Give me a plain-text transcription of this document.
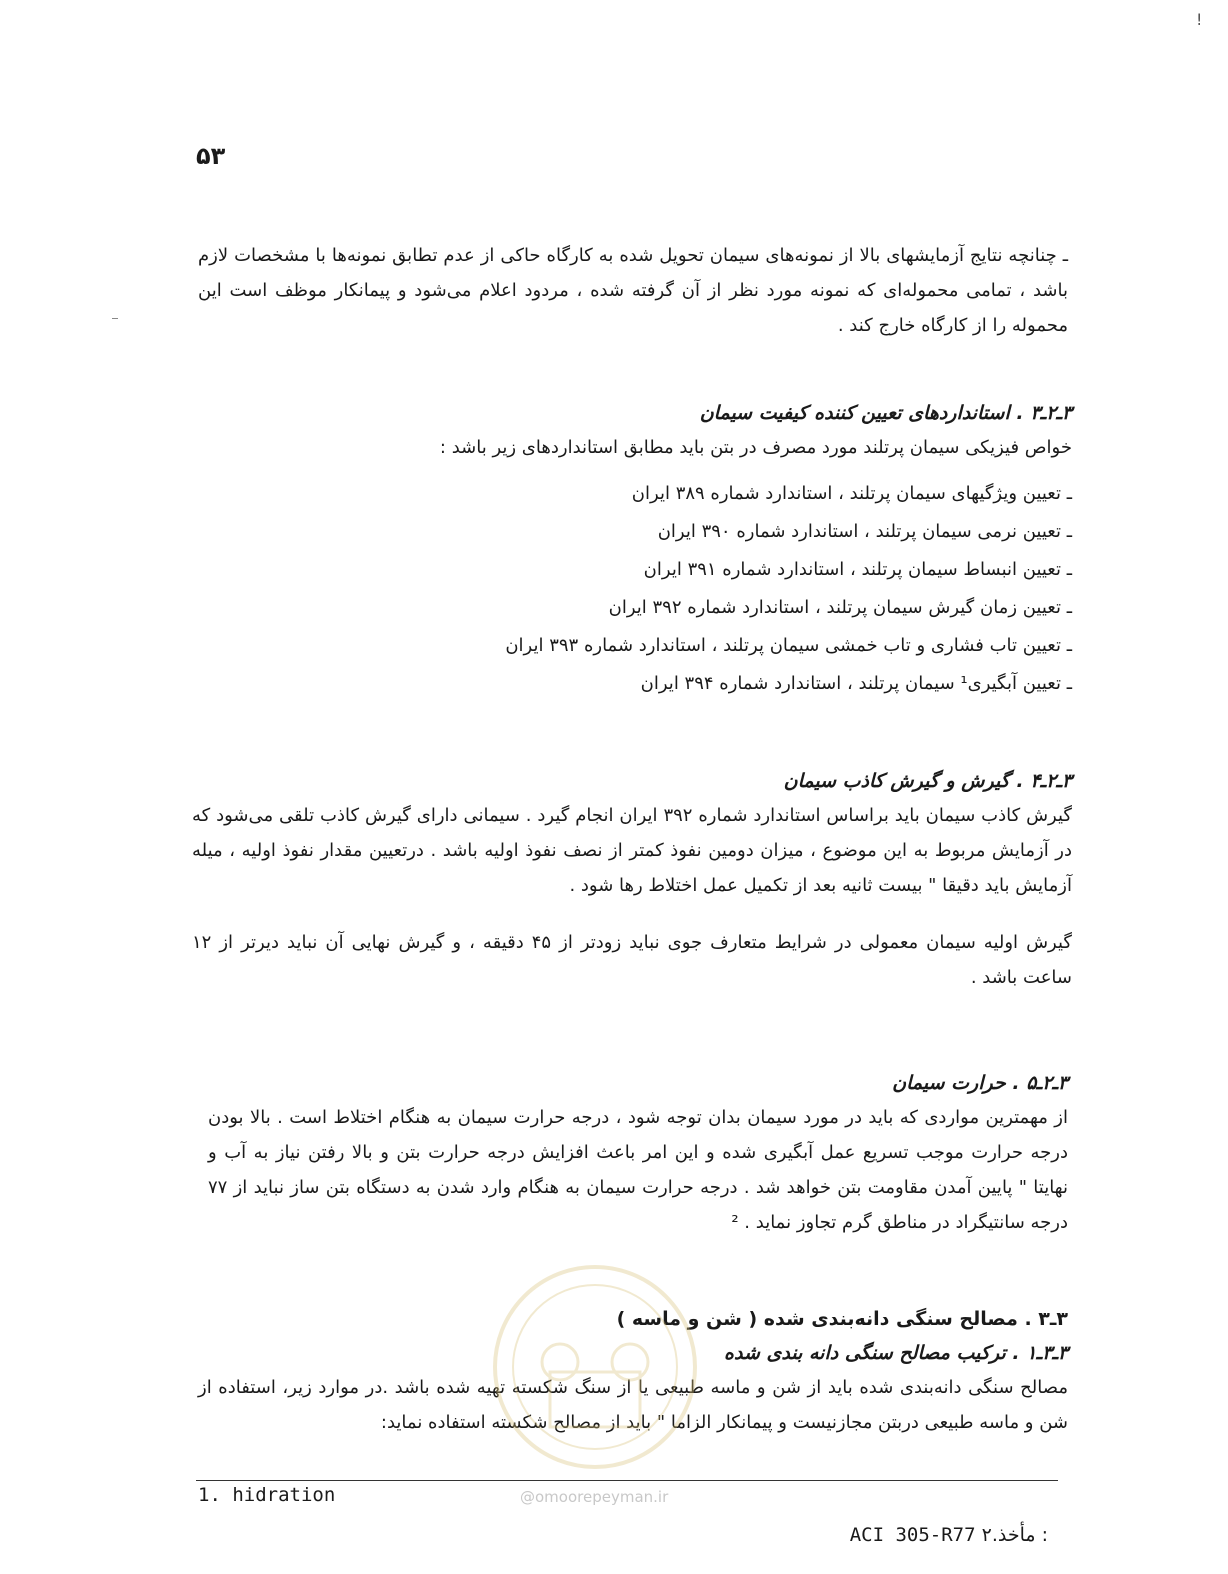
!
۵۳

ـ چنانچه نتایج آزمایشهای بالا از نمونه‌های سیمان تحویل شده به کارگاه حاکی از عدم تطابق نمونه‌ها با مشخصات لازم باشد ، تمامی محموله‌ای که نمونه مورد نظر از آن گرفته شده ، مردود اعلام می‌شود و پیمانکار موظف است این محموله را از کارگاه خارج کند .

۳ـ۲ـ۳ . استانداردهای تعیین کننده کیفیت سیمان

خواص فیزیکی سیمان پرتلند مورد مصرف در بتن باید مطابق استانداردهای زیر باشد :

ـ تعیین ویژگیهای سیمان پرتلند ، استاندارد شماره ۳۸۹ ایران
ـ تعیین نرمی سیمان پرتلند ، استاندارد شماره ۳۹۰ ایران
ـ تعیین انبساط سیمان پرتلند ، استاندارد شماره ۳۹۱ ایران
ـ تعیین زمان گیرش سیمان پرتلند ، استاندارد شماره ۳۹۲ ایران
ـ تعیین تاب فشاری و تاب خمشی سیمان پرتلند ، استاندارد شماره ۳۹۳ ایران
ـ تعیین آبگیری¹ سیمان پرتلند ، استاندارد شماره ۳۹۴ ایران

۳ـ۲ـ۴ . گیرش و گیرش کاذب سیمان

گیرش کاذب سیمان باید براساس استاندارد شماره ۳۹۲ ایران انجام گیرد . سیمانی دارای گیرش کاذب تلقی می‌شود که در آزمایش مربوط به این موضوع ، میزان دومین نفوذ کمتر از نصف نفوذ اولیه باشد . درتعیین مقدار نفوذ اولیه ، میله آزمایش باید دقیقا " بیست ثانیه بعد از تکمیل عمل اختلاط رها شود .

گیرش اولیه سیمان معمولی در شرایط متعارف جوی نباید زودتر از ۴۵ دقیقه ، و گیرش نهایی آن نباید دیرتر از ۱۲ ساعت باشد .

۳ـ۲ـ۵ . حرارت سیمان

از مهمترین مواردی که باید در مورد سیمان بدان توجه شود ، درجه حرارت سیمان به هنگام اختلاط است . بالا بودن درجه حرارت موجب تسریع عمل آبگیری شده و این امر باعث افزایش درجه حرارت بتن و بالا رفتن نیاز به آب و نهایتا " پایین آمدن مقاومت بتن خواهد شد . درجه حرارت سیمان به هنگام وارد شدن به دستگاه بتن ساز نباید از ۷۷ درجه سانتیگراد در مناطق گرم تجاوز نماید . ²

۳ـ۳ . مصالح سنگی دانه‌بندی شده ( شن و ماسه )

۳ـ۳ـ۱ . ترکیب مصالح سنگی دانه بندی شده

مصالح سنگی دانه‌بندی شده باید از شن و ماسه طبیعی یا از سنگ شکسته تهیه شده باشد .در موارد زیر، استفاده از شن و ماسه طبیعی دربتن مجازنیست و پیمانکار الزاما " باید از مصالح شکسته استفاده نماید:

@omoorepeyman.ir
1. hidration
ACI 305-R77 ۲.مأخذ :
